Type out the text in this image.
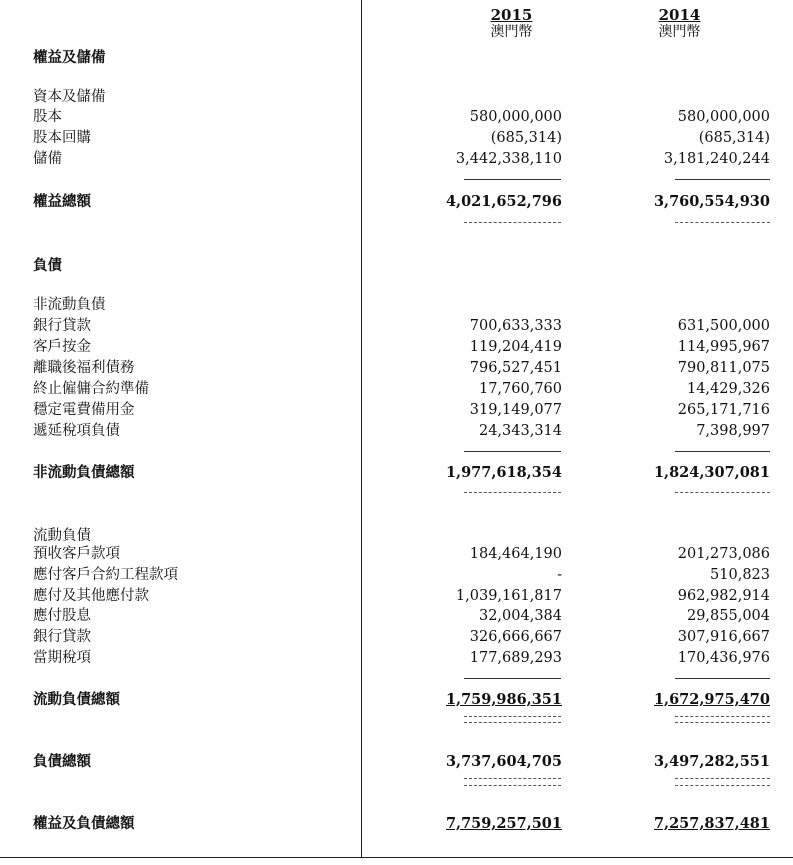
2015
澳門幣
2014
澳門幣
權益及儲備
資本及儲備
股本	580,000,000	580,000,000
股本回購	(685,314)	(685,314)
儲備	3,442,338,110	3,181,240,244
權益總額	4,021,652,796	3,760,554,930
負債
非流動負債
銀行貸款	700,633,333	631,500,000
客戶按金	119,204,419	114,995,967
離職後福利債務	796,527,451	790,811,075
終止僱傭合約準備	17,760,760	14,429,326
穩定電費備用金	319,149,077	265,171,716
遞延稅項負債	24,343,314	7,398,997
非流動負債總額	1,977,618,354	1,824,307,081
流動負債
預收客戶款項	184,464,190	201,273,086
應付客戶合約工程款項	-	510,823
應付及其他應付款	1,039,161,817	962,982,914
應付股息	32,004,384	29,855,004
銀行貸款	326,666,667	307,916,667
當期稅項	177,689,293	170,436,976
流動負債總額	1,759,986,351	1,672,975,470
負債總額	3,737,604,705	3,497,282,551
權益及負債總額	7,759,257,501	7,257,837,481
